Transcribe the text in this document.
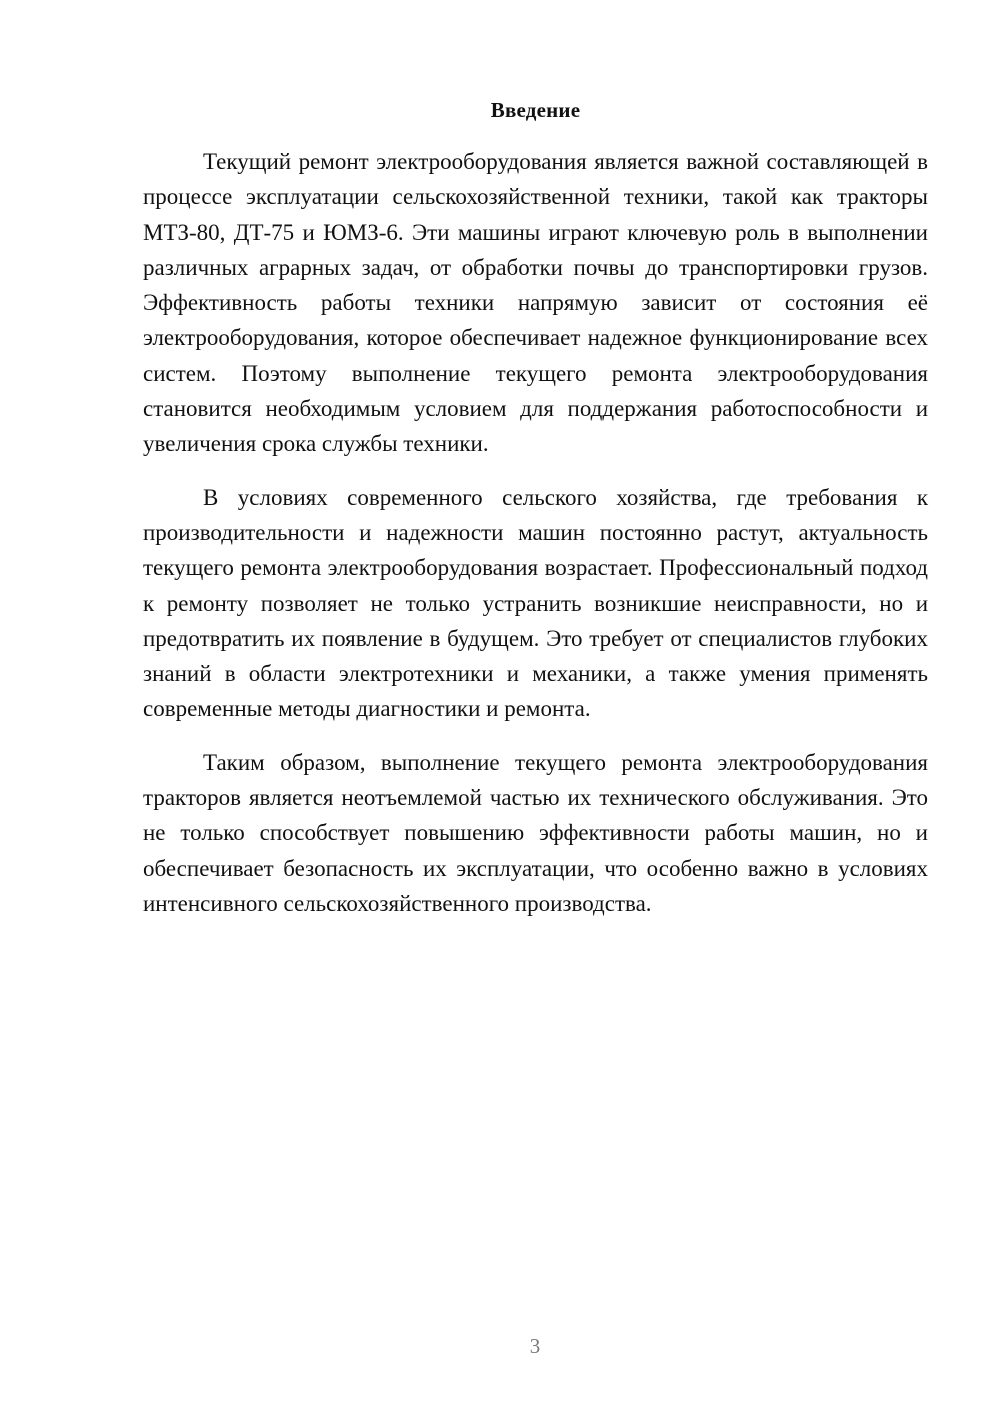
Введение

Текущий ремонт электрооборудования является важной составляющей в процессе эксплуатации сельскохозяйственной техники, такой как тракторы МТЗ-80, ДТ-75 и ЮМЗ-6. Эти машины играют ключевую роль в выполнении различных аграрных задач, от обработки почвы до транспортировки грузов. Эффективность работы техники напрямую зависит от состояния её электрооборудования, которое обеспечивает надежное функционирование всех систем. Поэтому выполнение текущего ремонта электрооборудования становится необходимым условием для поддержания работоспособности и увеличения срока службы техники.

В условиях современного сельского хозяйства, где требования к производительности и надежности машин постоянно растут, актуальность текущего ремонта электрооборудования возрастает. Профессиональный подход к ремонту позволяет не только устранить возникшие неисправности, но и предотвратить их появление в будущем. Это требует от специалистов глубоких знаний в области электротехники и механики, а также умения применять современные методы диагностики и ремонта.

Таким образом, выполнение текущего ремонта электрооборудования тракторов является неотъемлемой частью их технического обслуживания. Это не только способствует повышению эффективности работы машин, но и обеспечивает безопасность их эксплуатации, что особенно важно в условиях интенсивного сельскохозяйственного производства.

3
